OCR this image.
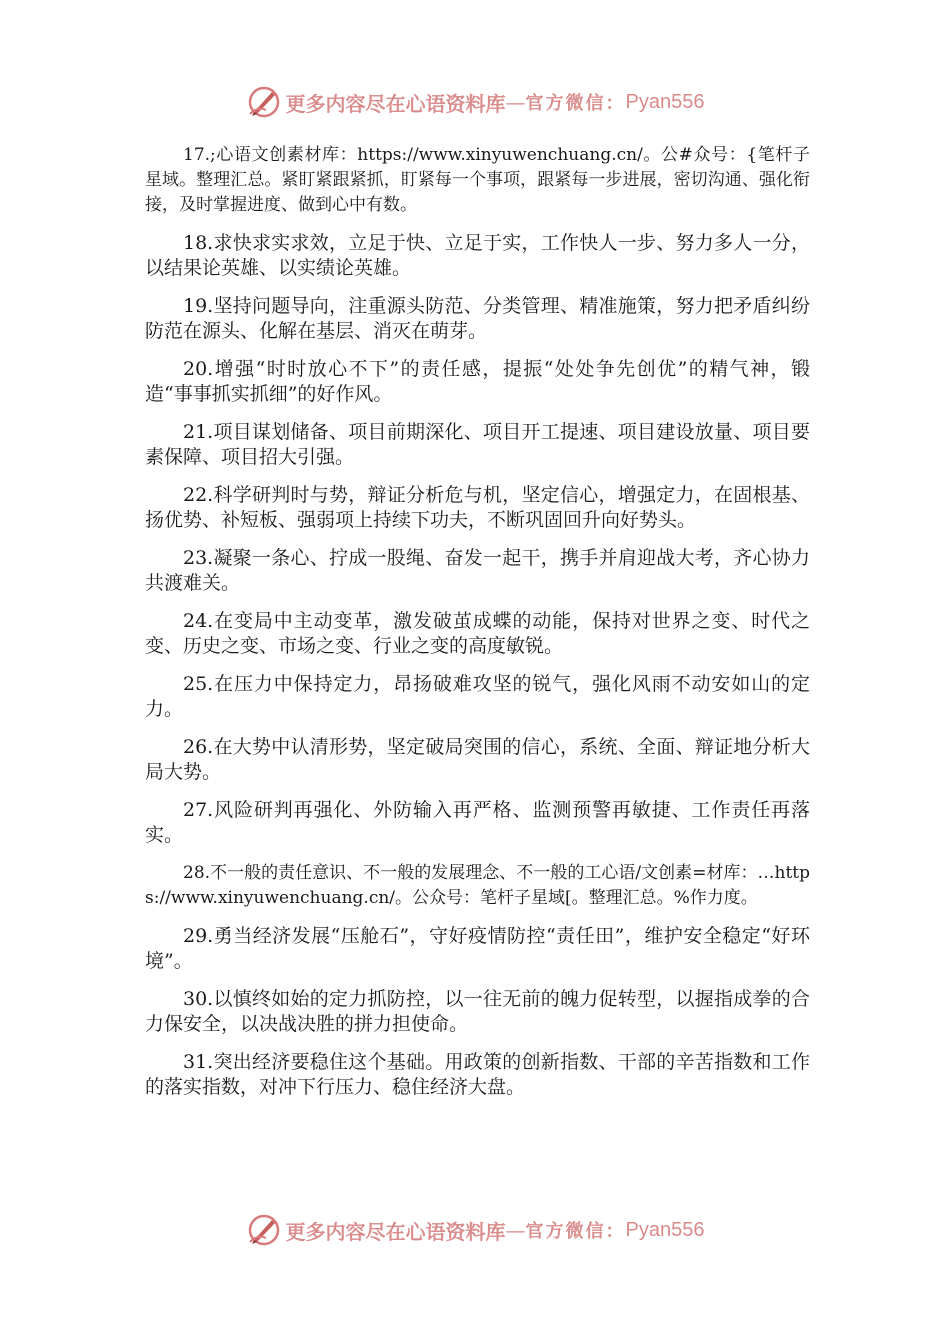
更多内容尽在心语资料库 — 官方微信： Pyan556

17.;心语文创素材库：https://www.xinyuwenchuang.cn/。公#众号：{笔杆子星域。整理汇总。紧盯紧跟紧抓，盯紧每一个事项，跟紧每一步进展，密切沟通、强化衔接，及时掌握进度、做到心中有数。

18.求快求实求效，立足于快、立足于实，工作快人一步、努力多人一分，以结果论英雄、以实绩论英雄。

19.坚持问题导向，注重源头防范、分类管理、精准施策，努力把矛盾纠纷防范在源头、化解在基层、消灭在萌芽。

20.增强“时时放心不下”的责任感，提振“处处争先创优”的精气神，锻造“事事抓实抓细”的好作风。

21.项目谋划储备、项目前期深化、项目开工提速、项目建设放量、项目要素保障、项目招大引强。

22.科学研判时与势，辩证分析危与机，坚定信心，增强定力，在固根基、扬优势、补短板、强弱项上持续下功夫，不断巩固回升向好势头。

23.凝聚一条心、拧成一股绳、奋发一起干，携手并肩迎战大考，齐心协力共渡难关。

24.在变局中主动变革，激发破茧成蝶的动能，保持对世界之变、时代之变、历史之变、市场之变、行业之变的高度敏锐。

25.在压力中保持定力，昂扬破难攻坚的锐气，强化风雨不动安如山的定力。

26.在大势中认清形势，坚定破局突围的信心，系统、全面、辩证地分析大局大势。

27.风险研判再强化、外防输入再严格、监测预警再敏捷、工作责任再落实。

28.不一般的责任意识、不一般的发展理念、不一般的工心语/文创素=材库：…https://www.xinyuwenchuang.cn/。公众号：笔杆子星域[。整理汇总。%作力度。

29.勇当经济发展“压舱石”，守好疫情防控“责任田”，维护安全稳定“好环境”。

30.以慎终如始的定力抓防控，以一往无前的魄力促转型，以握指成拳的合力保安全，以决战决胜的拼力担使命。

31.突出经济要稳住这个基础。用政策的创新指数、干部的辛苦指数和工作的落实指数，对冲下行压力、稳住经济大盘。

更多内容尽在心语资料库 — 官方微信： Pyan556
